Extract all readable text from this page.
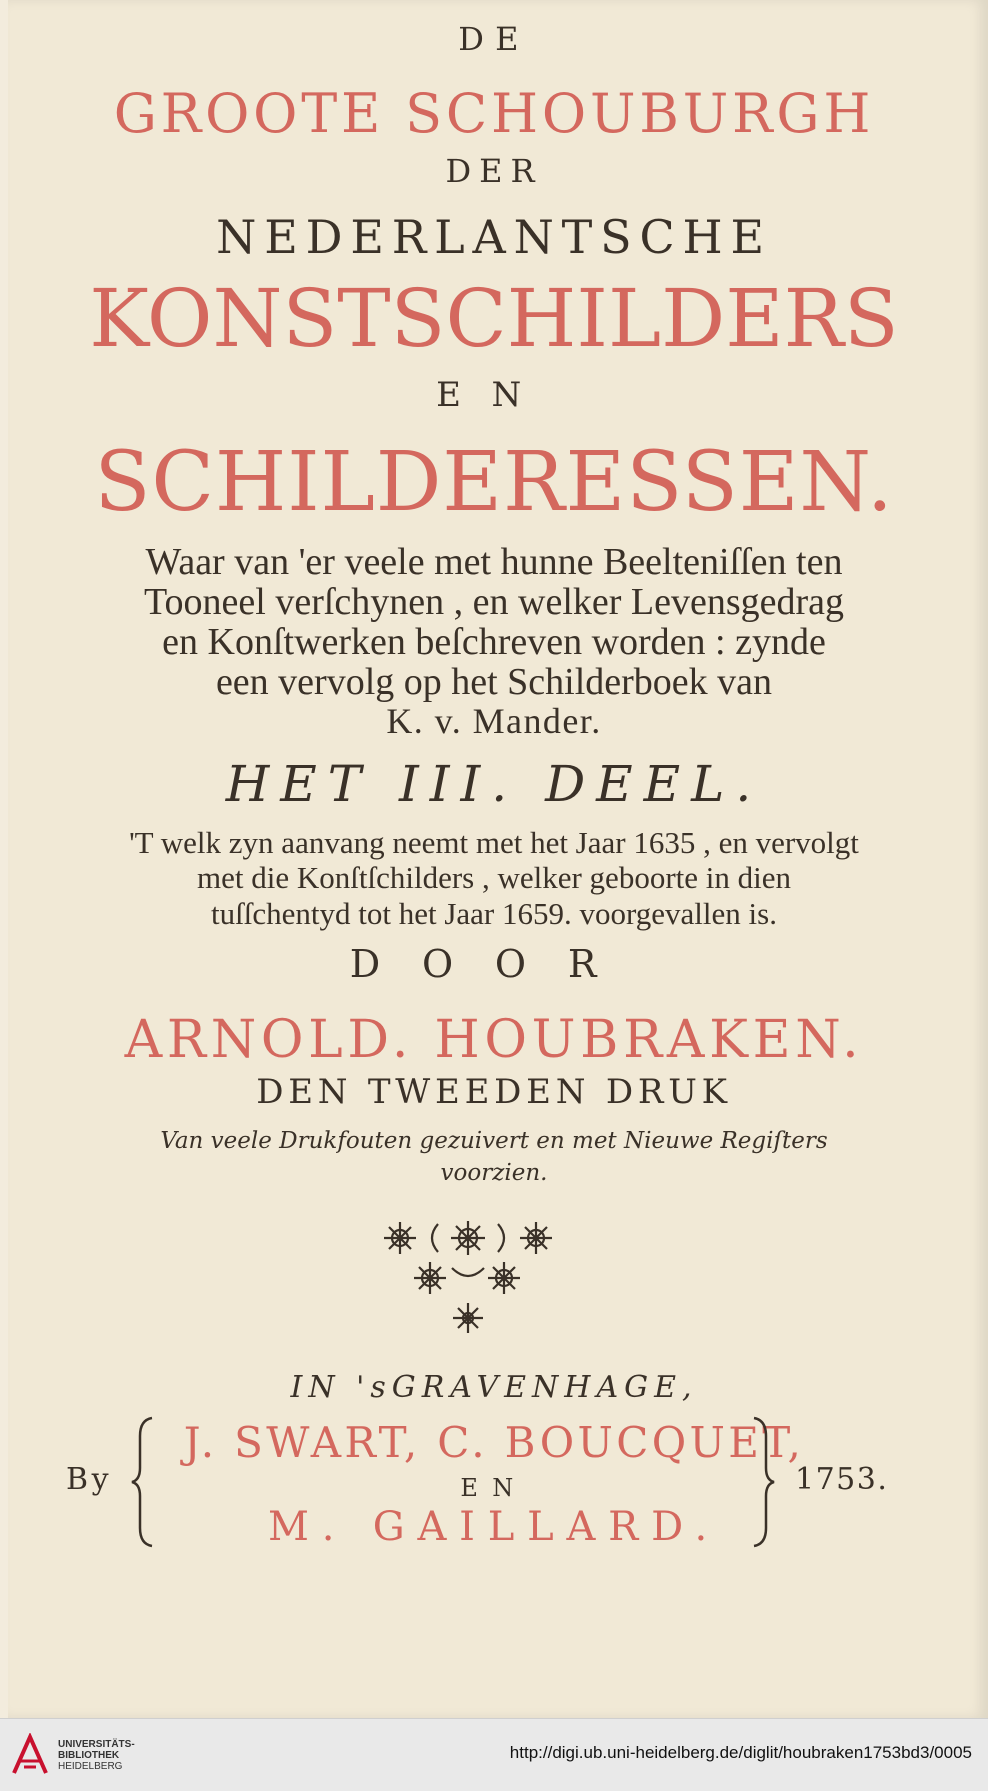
DE
GROOTE SCHOUBURGH
DER
NEDERLANTSCHE
KONSTSCHILDERS
EN
SCHILDERESSEN.
Waar van 'er veele met hunne Beelteniſſen ten
Tooneel verſchynen , en welker Levensgedrag
en Konſtwerken beſchreven worden : zynde
een vervolg op het Schilderboek van
K. v. Mander.
HET III. DEEL.
'T welk zyn aanvang neemt met het Jaar 1635 , en vervolgt
met die Konſtſchilders , welker geboorte in dien
tuſſchentyd tot het Jaar 1659. voorgevallen is.
DOOR
ARNOLD. HOUBRAKEN.
DEN TWEEDEN DRUK
Van veele Drukfouten gezuivert en met Nieuwe Regiſters
voorzien.
IN 'sGRAVENHAGE,
By
J. SWART, C. BOUCQUET,
EN
M. GAILLARD.
1753.
UNIVERSITÄTS-
BIBLIOTHEK
HEIDELBERG
http://digi.ub.uni-heidelberg.de/diglit/houbraken1753bd3/0005
